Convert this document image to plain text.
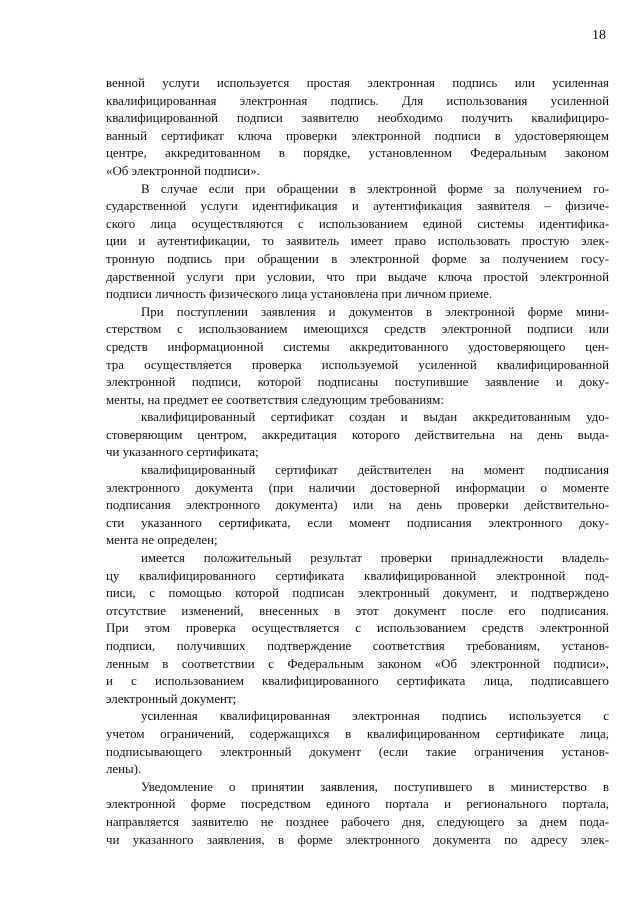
18
венной услуги используется простая электронная подпись или усиленная
квалифицированная электронная подпись. Для использования усиленной
квалифицированной подписи заявителю необходимо получить квалифициро-
ванный сертификат ключа проверки электронной подписи в удостоверяющем
центре, аккредитованном в порядке, установленном Федеральным законом
«Об электронной подписи».
В случае если при обращении в электронной форме за получением го-
сударственной услуги идентификация и аутентификация заявителя – физиче-
ского лица осуществляются с использованием единой системы идентифика-
ции и аутентификации, то заявитель имеет право использовать простую элек-
тронную подпись при обращении в электронной форме за получением госу-
дарственной услуги при условии, что при выдаче ключа простой электронной
подписи личность физического лица установлена при личном приеме.
При поступлении заявления и документов в электронной форме мини-
стерством с использованием имеющихся средств электронной подписи или
средств информационной системы аккредитованного удостоверяющего цен-
тра осуществляется проверка используемой усиленной квалифицированной
электронной подписи, которой подписаны поступившие заявление и доку-
менты, на предмет ее соответствия следующим требованиям:
квалифицированный сертификат создан и выдан аккредитованным удо-
стоверяющим центром, аккредитация которого действительна на день выда-
чи указанного сертификата;
квалифицированный сертификат действителен на момент подписания
электронного документа (при наличии достоверной информации о моменте
подписания электронного документа) или на день проверки действительно-
сти указанного сертификата, если момент подписания электронного доку-
мента не определен;
имеется положительный результат проверки принадлежности владель-
цу квалифицированного сертификата квалифицированной электронной под-
писи, с помощью которой подписан электронный документ, и подтверждено
отсутствие изменений, внесенных в этот документ после его подписания.
При этом проверка осуществляется с использованием средств электронной
подписи, получивших подтверждение соответствия требованиям, установ-
ленным в соответствии с Федеральным законом «Об электронной подписи»,
и с использованием квалифицированного сертификата лица, подписавшего
электронный документ;
усиленная квалифицированная электронная подпись используется с
учетом ограничений, содержащихся в квалифицированном сертификате лица,
подписывающего электронный документ (если такие ограничения установ-
лены).
Уведомление о принятии заявления, поступившего в министерство в
электронной форме посредством единого портала и регионального портала,
направляется заявителю не позднее рабочего дня, следующего за днем пода-
чи указанного заявления, в форме электронного документа по адресу элек-
